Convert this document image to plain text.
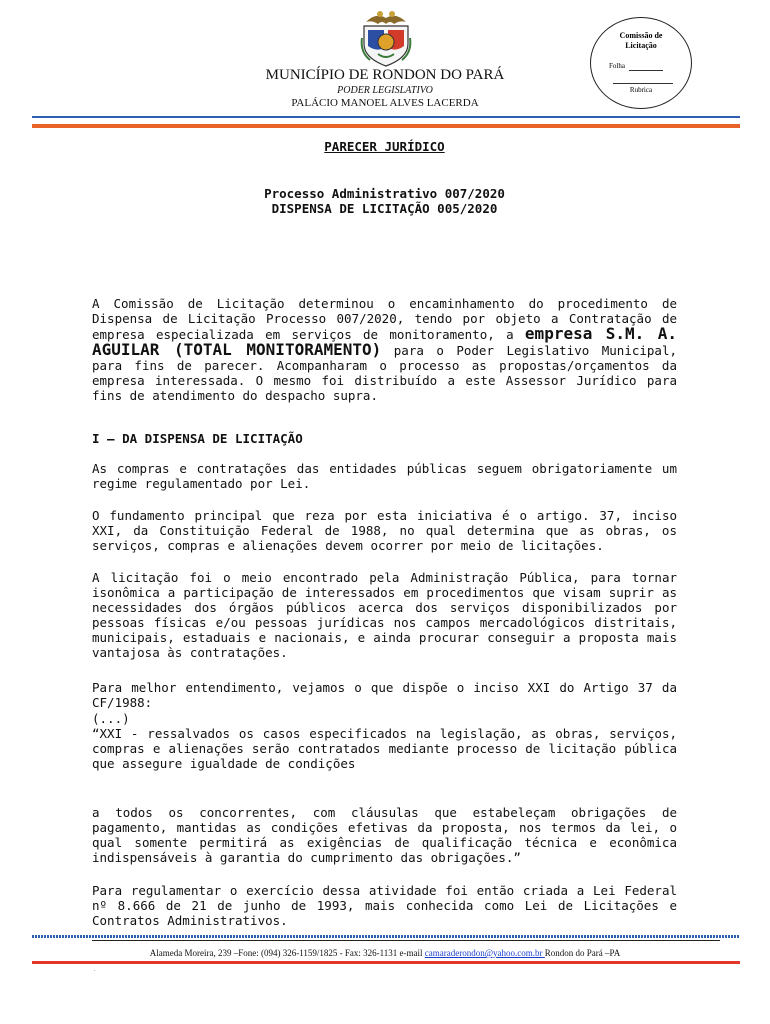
MUNICÍPIO DE RONDON DO PARÁ
PODER LEGISLATIVO
PALÁCIO MANOEL ALVES LACERDA
Comissão de
Licitação
Folha
Rubrica

PARECER JURÍDICO

Processo Administrativo 007/2020

DISPENSA DE LICITAÇÃO 005/2020

A Comissão de Licitação determinou o encaminhamento do procedimento de Dispensa de Licitação Processo 007/2020, tendo por objeto a Contratação de empresa especializada em serviços de monitoramento, a empresa S.M. A. AGUILAR (TOTAL MONITORAMENTO) para o Poder Legislativo Municipal, para fins de parecer. Acompanharam o processo as propostas/orçamentos da empresa interessada. O mesmo foi distribuído a este Assessor Jurídico para fins de atendimento do despacho supra.

I – DA DISPENSA DE LICITAÇÃO

As compras e contratações das entidades públicas seguem obrigatoriamente um regime regulamentado por Lei.

O fundamento principal que reza por esta iniciativa é o artigo. 37, inciso XXI, da Constituição Federal de 1988, no qual determina que as obras, os serviços, compras e alienações devem ocorrer por meio de licitações.

A licitação foi o meio encontrado pela Administração Pública, para tornar isonômica a participação de interessados em procedimentos que visam suprir as necessidades dos órgãos públicos acerca dos serviços disponibilizados por pessoas físicas e/ou pessoas jurídicas nos campos mercadológicos distritais, municipais, estaduais e nacionais, e ainda procurar conseguir a proposta mais vantajosa às contratações.

Para melhor entendimento, vejamos o que dispõe o inciso XXI do Artigo 37 da CF/1988:

(...)

“XXI - ressalvados os casos especificados na legislação, as obras, serviços, compras e alienações serão contratados mediante processo de licitação pública que assegure igualdade de condições

a todos os concorrentes, com cláusulas que estabeleçam obrigações de pagamento, mantidas as condições efetivas da proposta, nos termos da lei, o qual somente permitirá as exigências de qualificação técnica e econômica indispensáveis à garantia do cumprimento das obrigações.”

Para regulamentar o exercício dessa atividade foi então criada a Lei Federal nº 8.666 de 21 de junho de 1993, mais conhecida como Lei de Licitações e Contratos Administrativos.

Alameda Moreira, 239 –Fone: (094) 326-1159/1825 - Fax: 326-1131 e-mail camaraderondon@yahoo.com.br Rondon do Pará –PA
.
